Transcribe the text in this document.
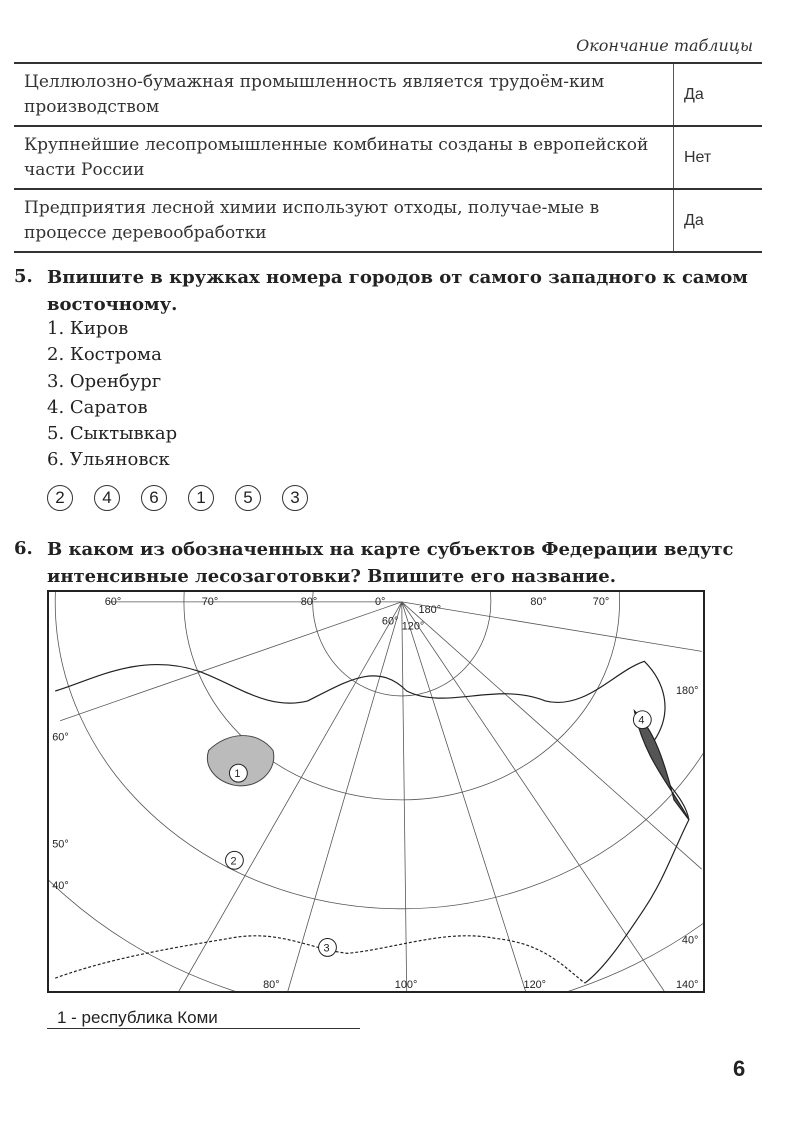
Окончание таблицы
Целлюлозно-бумажная промышленность является трудоём-ким производством	Да
Крупнейшие лесопромышленные комбинаты созданы в европейской части России	Нет
Предприятия лесной химии используют отходы, получае-мые в процессе деревообработки	Да
5. Впишите в кружках номера городов от самого западного к самом
восточному.
1. Киров
2. Кострома
3. Оренбург
4. Саратов
5. Сыктывкар
6. Ульяновск
2	4	6	1	5	3
6. В каком из обозначенных на карте субъектов Федерации ведутс
интенсивные лесозаготовки? Впишите его название.
1
2
3
4
60°	70°	80°	0°
180°
60° 120°
80°	70°
180°
40°
140°
80°	100°	120°
60°
50°
40°
1 - республика Коми
6
